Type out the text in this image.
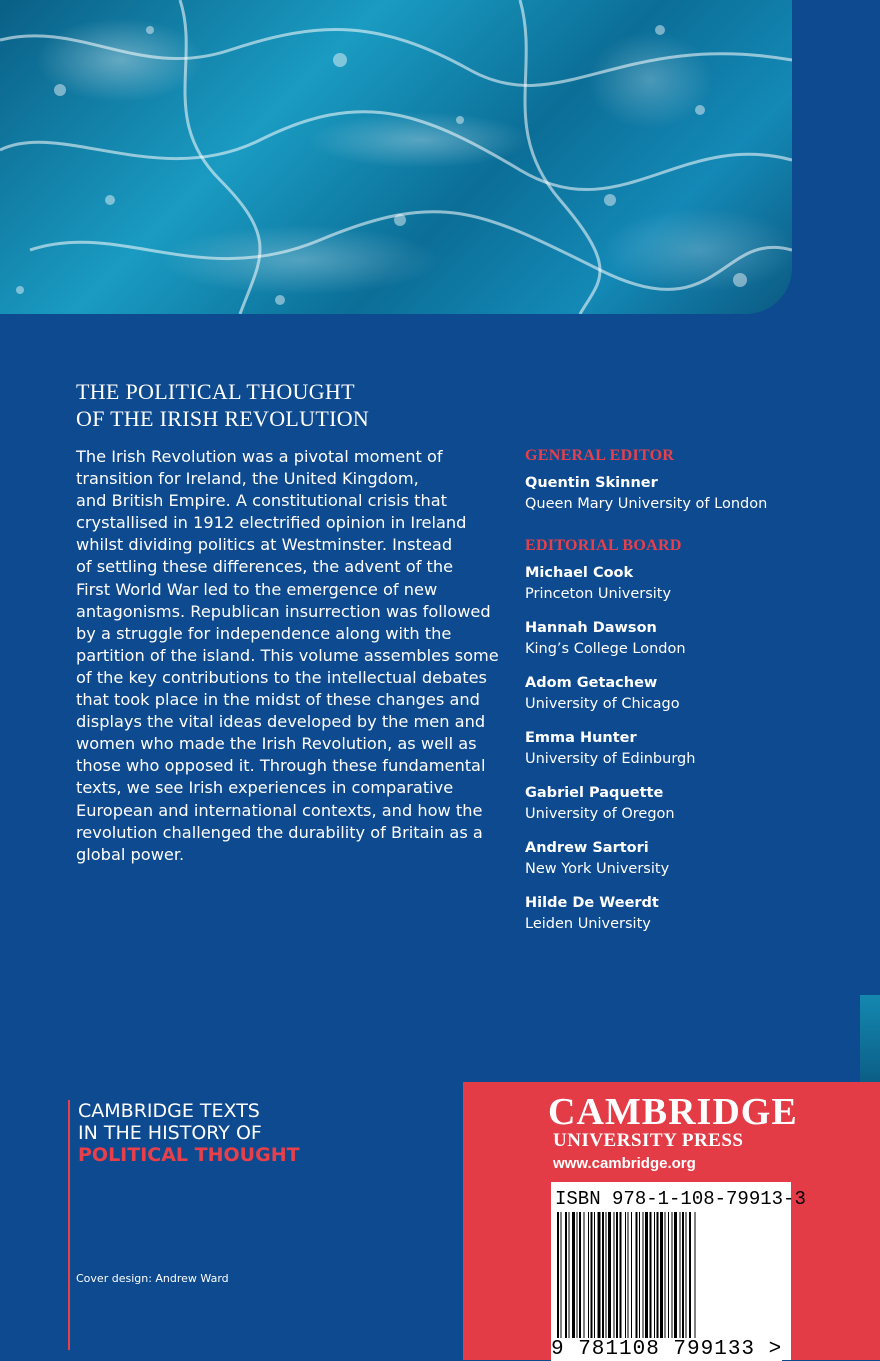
THE POLITICAL THOUGHT
OF THE IRISH REVOLUTION
The Irish Revolution was a pivotal moment of
transition for Ireland, the United Kingdom,
and British Empire. A constitutional crisis that
crystallised in 1912 electrified opinion in Ireland
whilst dividing politics at Westminster. Instead
of settling these differences, the advent of the
First World War led to the emergence of new
antagonisms. Republican insurrection was followed
by a struggle for independence along with the
partition of the island. This volume assembles some
of the key contributions to the intellectual debates
that took place in the midst of these changes and
displays the vital ideas developed by the men and
women who made the Irish Revolution, as well as
those who opposed it. Through these fundamental
texts, we see Irish experiences in comparative
European and international contexts, and how the
revolution challenged the durability of Britain as a
global power.
GENERAL EDITOR
Quentin Skinner
Queen Mary University of London
EDITORIAL BOARD
Michael Cook
Princeton University
Hannah Dawson
King’s College London
Adom Getachew
University of Chicago
Emma Hunter
University of Edinburgh
Gabriel Paquette
University of Oregon
Andrew Sartori
New York University
Hilde De Weerdt
Leiden University
CAMBRIDGE TEXTS
IN THE HISTORY OF
POLITICAL THOUGHT
Cover design: Andrew Ward
CAMBRIDGE
UNIVERSITY PRESS
www.cambridge.org
ISBN 978-1-108-79913-3
9 781108 799133 >
